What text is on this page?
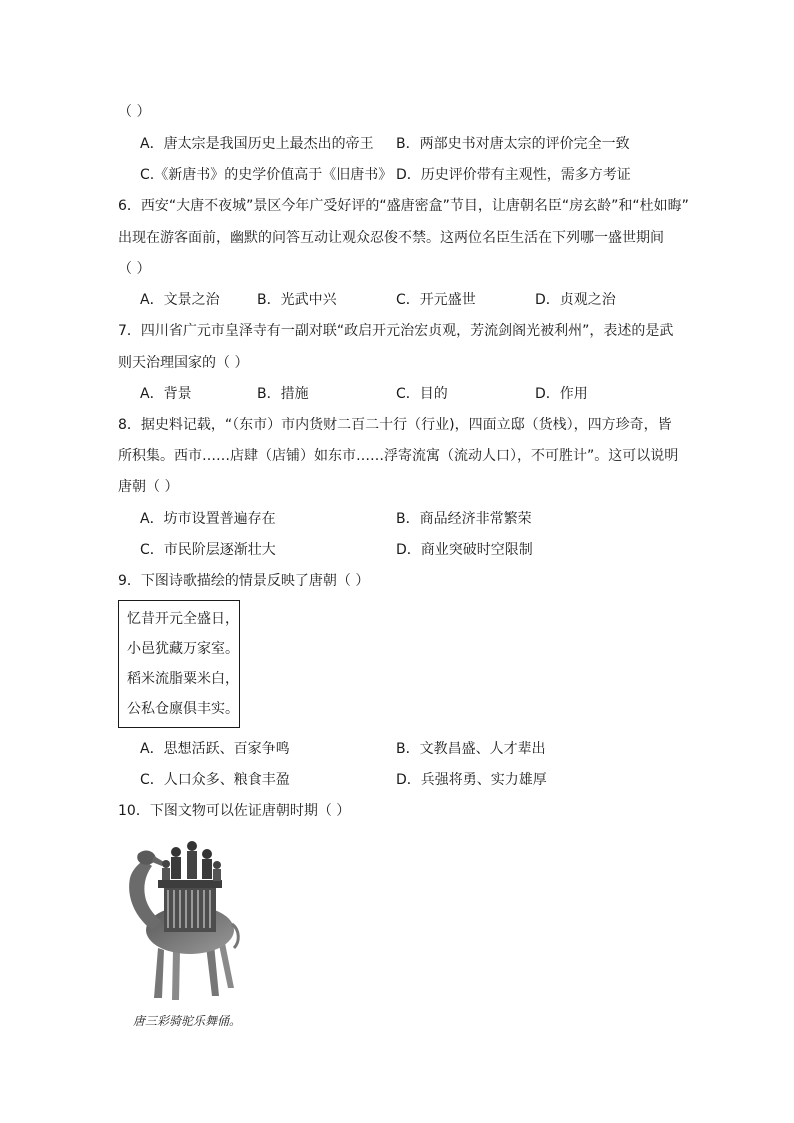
（ ）
A．唐太宗是我国历史上最杰出的帝王 B．两部史书对唐太宗的评价完全一致
C.《新唐书》的史学价值高于《旧唐书》 D．历史评价带有主观性，需多方考证
6．西安“大唐不夜城”景区今年广受好评的“盛唐密盒”节目，让唐朝名臣“房玄龄”和“杜如晦”
出现在游客面前，幽默的问答互动让观众忍俊不禁。这两位名臣生活在下列哪一盛世期间
（ ）
A．文景之治	B．光武中兴	C．开元盛世	D．贞观之治
7．四川省广元市皇泽寺有一副对联“政启开元治宏贞观，芳流剑阁光被利州”，表述的是武
则天治理国家的（ ）
A．背景	B．措施	C．目的	D．作用
8．据史料记载，“（东市）市内货财二百二十行（行业)，四面立邸（货栈），四方珍奇，皆
所积集。西市……店肆（店铺）如东市……浮寄流寓（流动人口），不可胜计”。这可以说明
唐朝（ ）
A．坊市设置普遍存在	B．商品经济非常繁荣
C．市民阶层逐渐壮大	D．商业突破时空限制
9．下图诗歌描绘的情景反映了唐朝（ ）
忆昔开元全盛日，
小邑犹藏万家室。
稻米流脂粟米白，
公私仓廪俱丰实。
A．思想活跃、百家争鸣	B．文教昌盛、人才辈出
C．人口众多、粮食丰盈	D．兵强将勇、实力雄厚
10．下图文物可以佐证唐朝时期（ ）
唐三彩骑驼乐舞俑。
